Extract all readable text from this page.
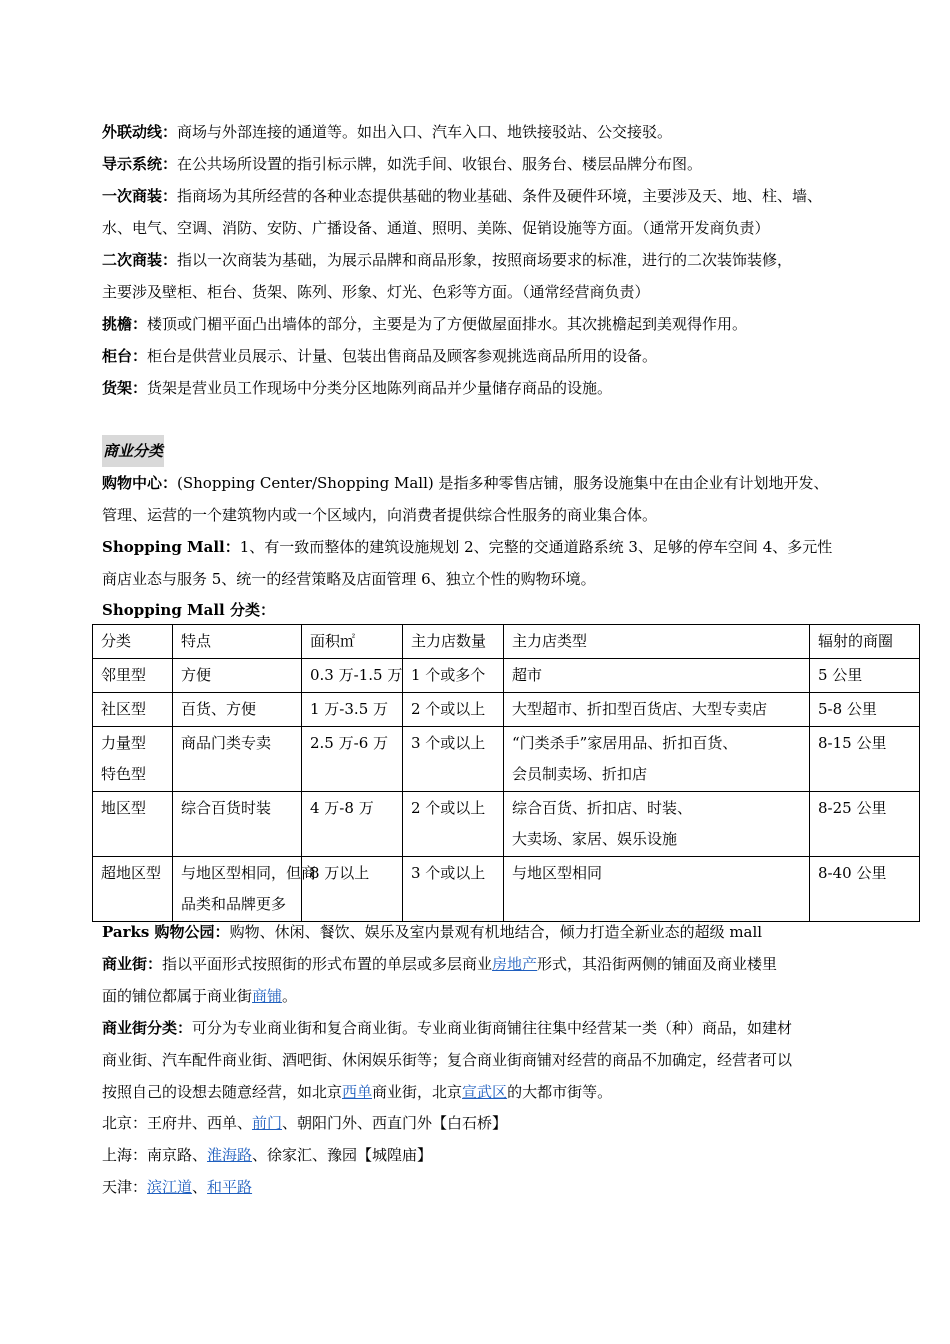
外联动线：商场与外部连接的通道等。如出入口、汽车入口、地铁接驳站、公交接驳。

导示系统：在公共场所设置的指引标示牌，如洗手间、收银台、服务台、楼层品牌分布图。

一次商装：指商场为其所经营的各种业态提供基础的物业基础、条件及硬件环境，主要涉及天、地、柱、墙、
水、电气、空调、消防、安防、广播设备、通道、照明、美陈、促销设施等方面。（通常开发商负责）

二次商装：指以一次商装为基础，为展示品牌和商品形象，按照商场要求的标准，进行的二次装饰装修，
主要涉及壁柜、柜台、货架、陈列、形象、灯光、色彩等方面。（通常经营商负责）

挑檐：楼顶或门楣平面凸出墙体的部分，主要是为了方便做屋面排水。其次挑檐起到美观得作用。

柜台：柜台是供营业员展示、计量、包装出售商品及顾客参观挑选商品所用的设备。

货架：货架是营业员工作现场中分类分区地陈列商品并少量储存商品的设施。

商业分类

购物中心：(Shopping Center/Shopping Mall) 是指多种零售店铺，服务设施集中在由企业有计划地开发、
管理、运营的一个建筑物内或一个区域内，向消费者提供综合性服务的商业集合体。

Shopping Mall：1、有一致而整体的建筑设施规划 2、完整的交通道路系统 3、足够的停车空间 4、多元性
商店业态与服务 5、统一的经营策略及店面管理 6、独立个性的购物环境。

Shopping Mall 分类：

分类	特点	面积㎡	主力店数量	主力店类型	辐射的商圈
邻里型	方便	0.3 万-1.5 万	1 个或多个	超市	5 公里
社区型	百货、方便	1 万-3.5 万	2 个或以上	大型超市、折扣型百货店、大型专卖店	5-8 公里

力量型
特色型	商品门类专卖	2.5 万-6 万	3 个或以上	“门类杀手”家居用品、折扣百货、
会员制卖场、折扣店	8-15 公里
地区型	综合百货时装	4 万-8 万	2 个或以上	综合百货、折扣店、时装、
大卖场、家居、娱乐设施	8-25 公里
超地区型	与地区型相同，但商
品类和品牌更多	8 万以上	3 个或以上	与地区型相同	8-40 公里

Parks 购物公园：购物、休闲、餐饮、娱乐及室内景观有机地结合，倾力打造全新业态的超级 mall

商业街：指以平面形式按照街的形式布置的单层或多层商业房地产形式，其沿街两侧的铺面及商业楼里
面的铺位都属于商业街商铺。

商业街分类：可分为专业商业街和复合商业街。专业商业街商铺往往集中经营某一类（种）商品，如建材
商业街、汽车配件商业街、酒吧街、休闲娱乐街等；复合商业街商铺对经营的商品不加确定，经营者可以
按照自己的设想去随意经营，如北京西单商业街，北京宣武区的大都市街等。

北京：王府井、西单、前门、朝阳门外、西直门外【白石桥】

上海：南京路、淮海路、徐家汇、豫园【城隍庙】

天津：滨江道、和平路
